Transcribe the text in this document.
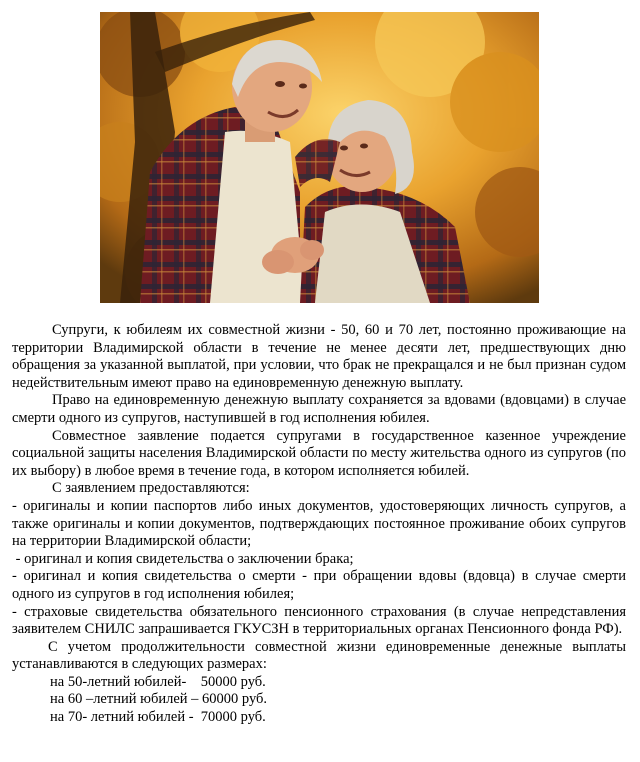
Супруги, к юбилеям их совместной жизни - 50, 60 и 70 лет, постоянно проживающие на территории Владимирской области в течение не менее десяти лет, предшествующих дню обращения за указанной выплатой, при условии, что брак не прекращался и не был признан судом недействительным имеют право на единовременную денежную выплату.

Право на единовременную денежную выплату сохраняется за вдовами (вдовцами) в случае смерти одного из супругов, наступившей в год исполнения юбилея.

Совместное заявление подается супругами в государственное казенное учреждение социальной защиты населения Владимирской области по месту жительства одного из супругов (по их выбору) в любое время в течение года, в котором исполняется юбилей.

С заявлением предоставляются:

- оригиналы и копии паспортов либо иных документов, удостоверяющих личность супругов, а также оригиналы и копии документов, подтверждающих постоянное проживание обоих супругов на территории Владимирской области;

- оригинал и копия свидетельства о заключении брака;

- оригинал и копия свидетельства о смерти - при обращении вдовы (вдовца) в случае смерти одного из супругов в год исполнения юбилея;

- страховые свидетельства обязательного пенсионного страхования (в случае непредставления заявителем СНИЛС запрашивается ГКУСЗН в территориальных органах Пенсионного фонда РФ).

С учетом продолжительности совместной жизни единовременные денежные выплаты устанавливаются в следующих размерах:

на 50-летний юбилей-    50000 руб.

на 60 –летний юбилей – 60000 руб.

на 70- летний юбилей -  70000 руб.
